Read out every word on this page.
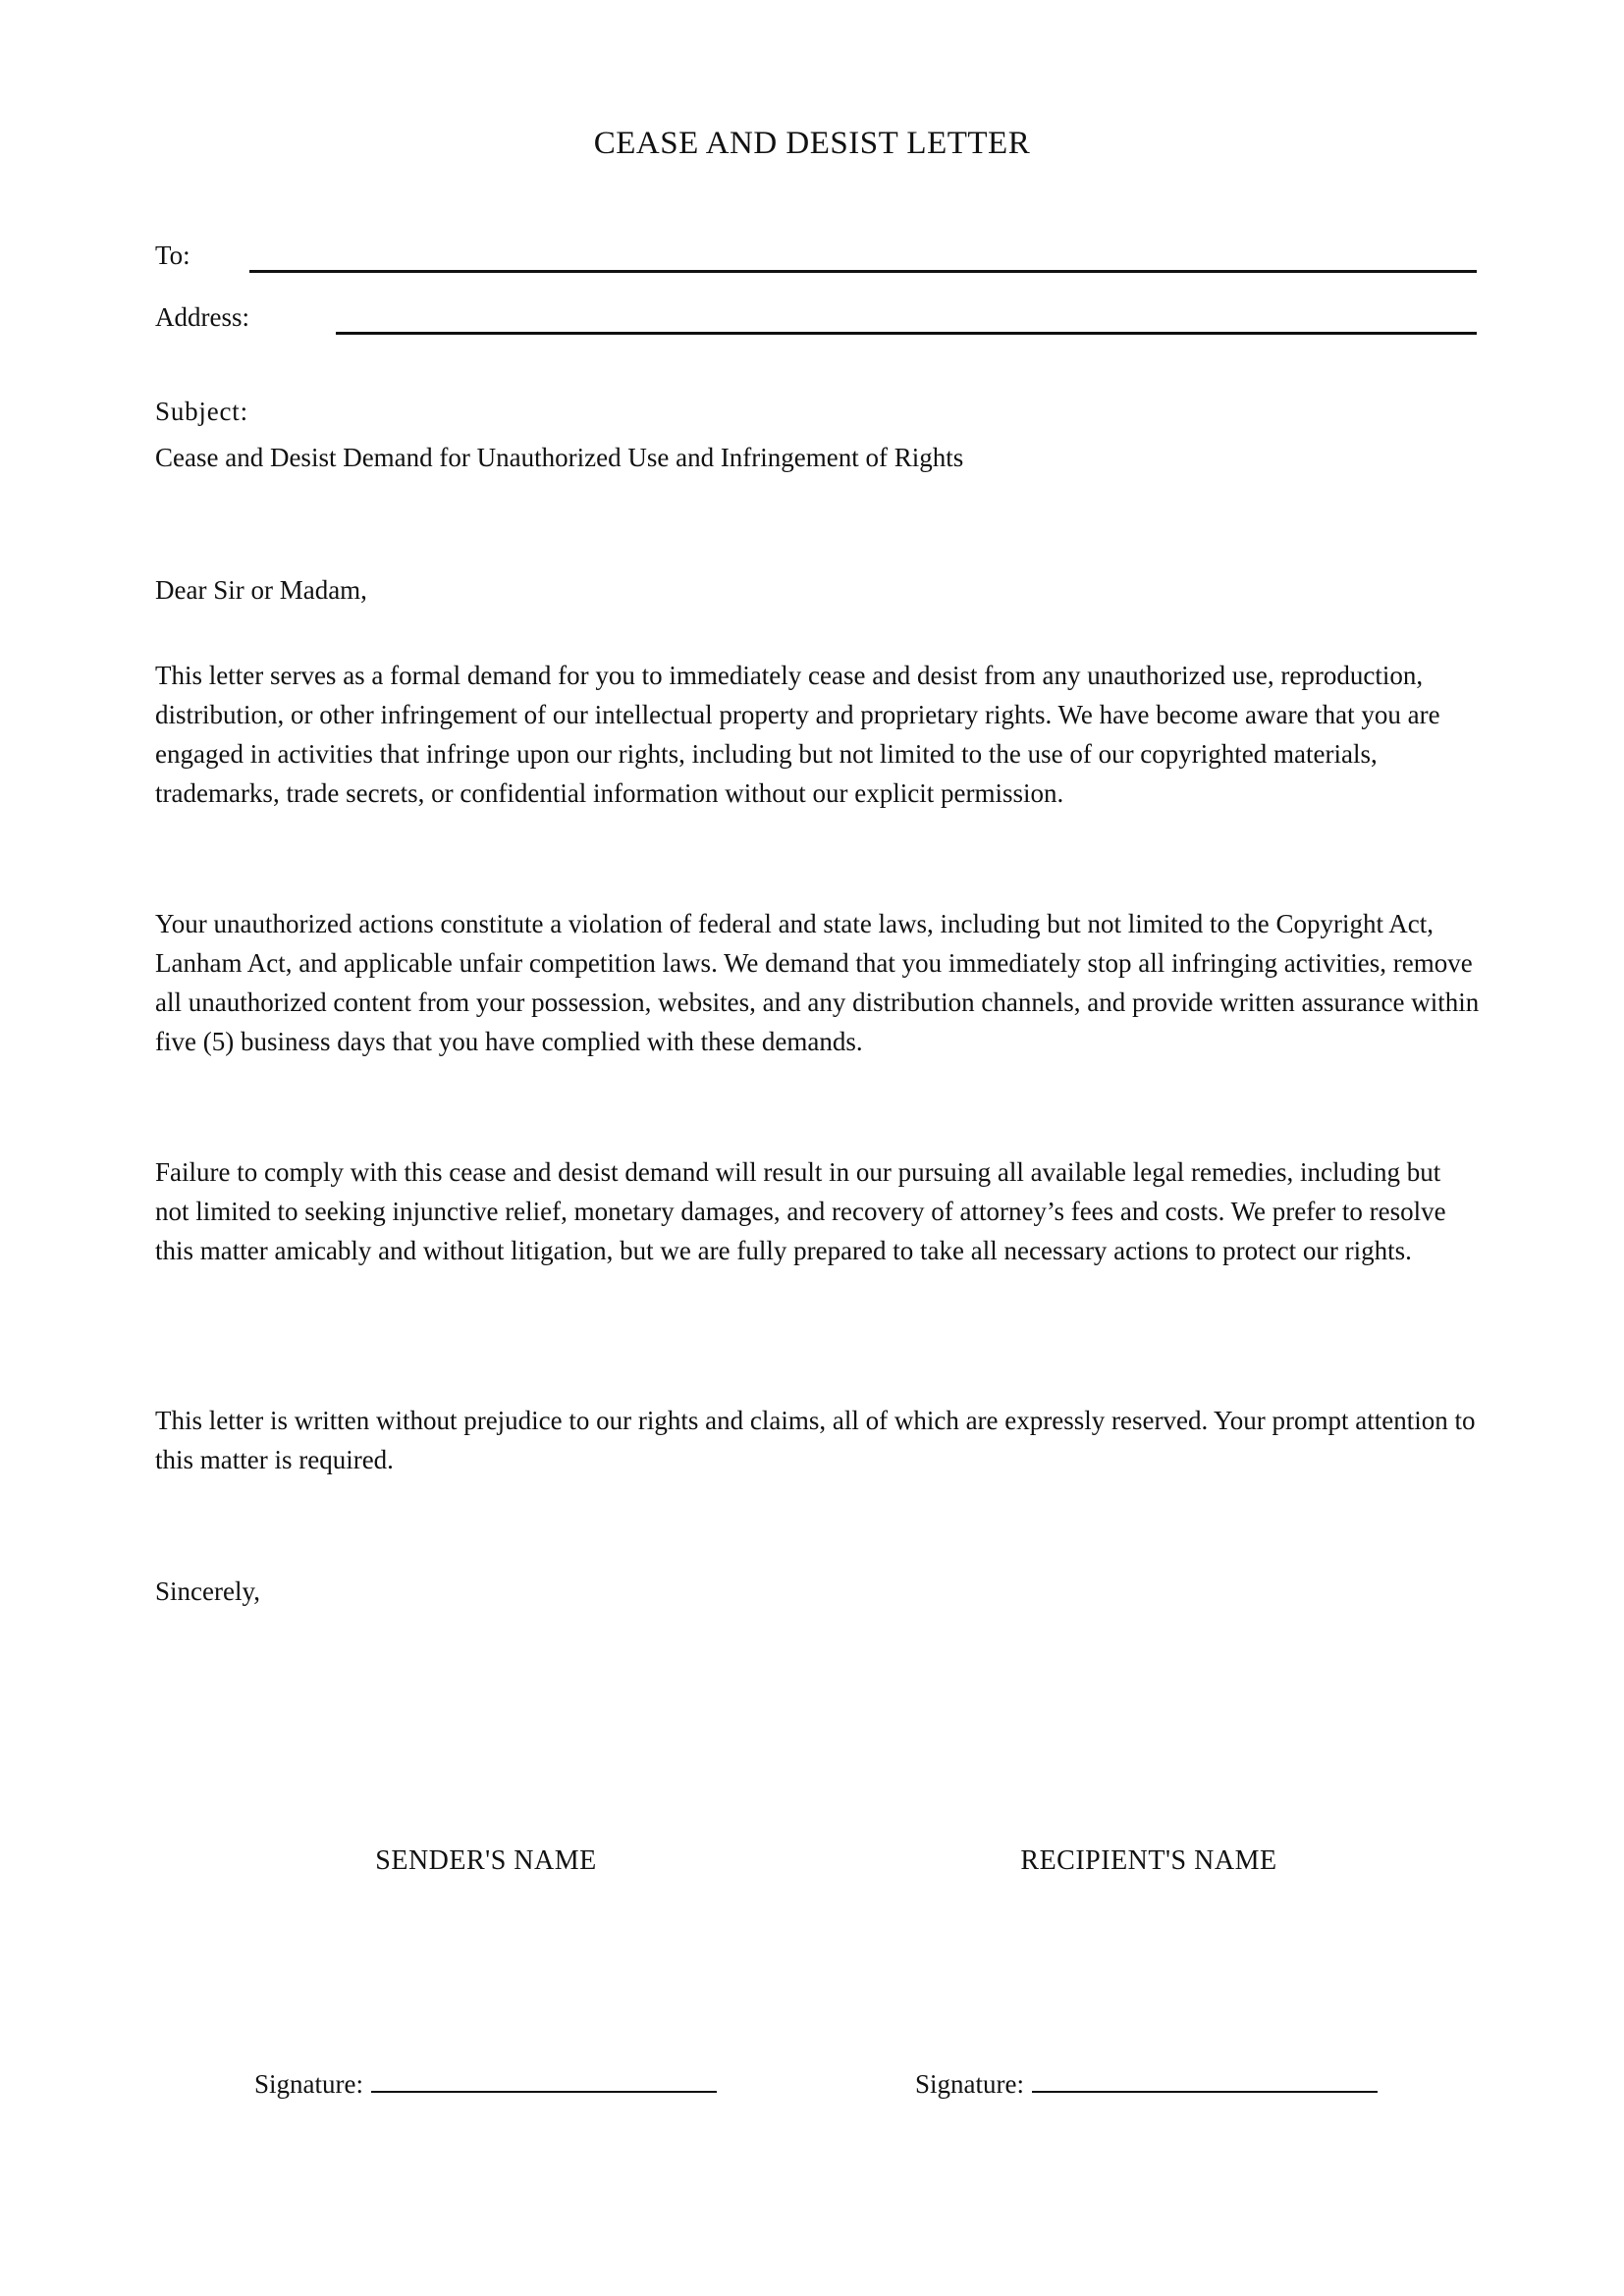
CEASE AND DESIST LETTER
To:
Address:

Subject:

Cease and Desist Demand for Unauthorized Use and Infringement of Rights

Dear Sir or Madam,

This letter serves as a formal demand for you to immediately cease and desist from any unauthorized use, reproduction, distribution, or other infringement of our intellectual property and proprietary rights. We have become aware that you are engaged in activities that infringe upon our rights, including but not limited to the use of our copyrighted materials, trademarks, trade secrets, or confidential information without our explicit permission.

Your unauthorized actions constitute a violation of federal and state laws, including but not limited to the Copyright Act, Lanham Act, and applicable unfair competition laws. We demand that you immediately stop all infringing activities, remove all unauthorized content from your possession, websites, and any distribution channels, and provide written assurance within five (5) business days that you have complied with these demands.

Failure to comply with this cease and desist demand will result in our pursuing all available legal remedies, including but not limited to seeking injunctive relief, monetary damages, and recovery of attorney’s fees and costs. We prefer to resolve this matter amicably and without litigation, but we are fully prepared to take all necessary actions to protect our rights.

This letter is written without prejudice to our rights and claims, all of which are expressly reserved. Your prompt attention to this matter is required.

Sincerely,

SENDER'S NAME	RECIPIENT'S NAME
Signature:	Signature:
